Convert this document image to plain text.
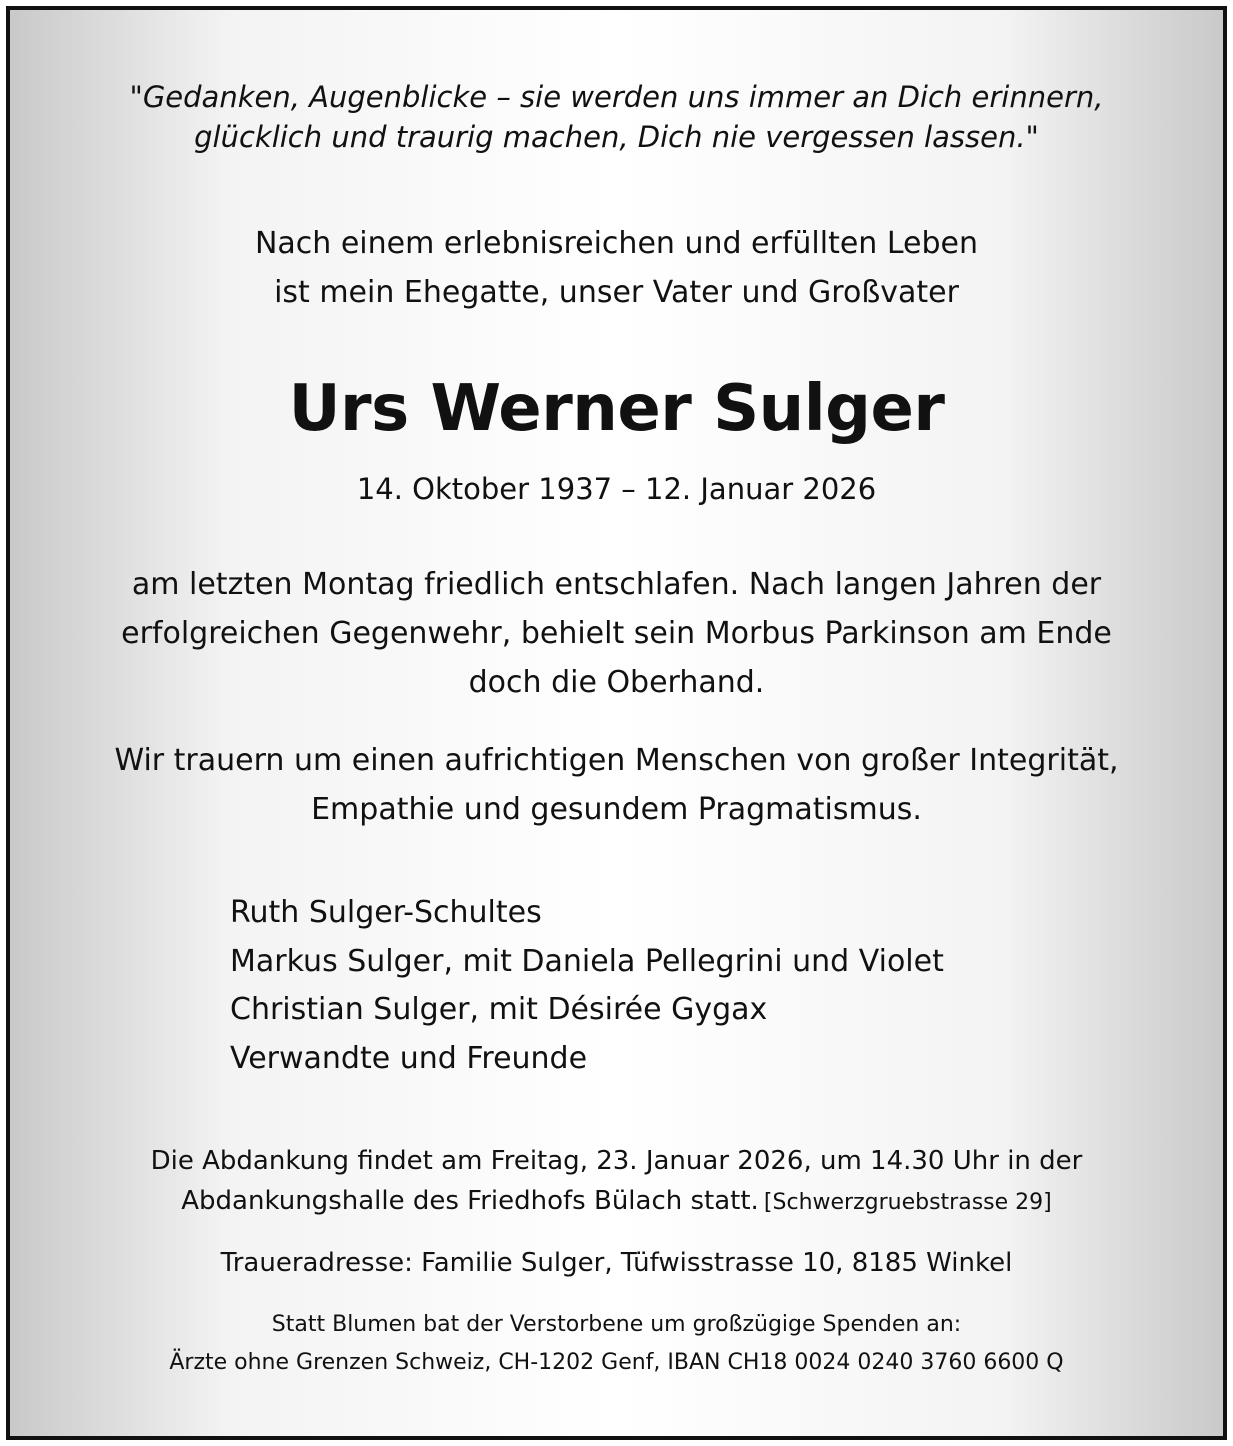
"Gedanken, Augenblicke – sie werden uns immer an Dich erinnern,
glücklich und traurig machen, Dich nie vergessen lassen."
Nach einem erlebnisreichen und erfüllten Leben
ist mein Ehegatte, unser Vater und Großvater
Urs Werner Sulger
14. Oktober 1937 – 12. Januar 2026
am letzten Montag friedlich entschlafen. Nach langen Jahren der
erfolgreichen Gegenwehr, behielt sein Morbus Parkinson am Ende
doch die Oberhand.
Wir trauern um einen aufrichtigen Menschen von großer Integrität,
Empathie und gesundem Pragmatismus.
Ruth Sulger-Schultes
Markus Sulger, mit Daniela Pellegrini und Violet
Christian Sulger, mit Désirée Gygax
Verwandte und Freunde
Die Abdankung findet am Freitag, 23. Januar 2026, um 14.30 Uhr in der
Abdankungshalle des Friedhofs Bülach statt. [Schwerzgruebstrasse 29]
Traueradresse: Familie Sulger, Tüfwisstrasse 10, 8185 Winkel
Statt Blumen bat der Verstorbene um großzügige Spenden an:
Ärzte ohne Grenzen Schweiz, CH-1202 Genf, IBAN CH18 0024 0240 3760 6600 Q
